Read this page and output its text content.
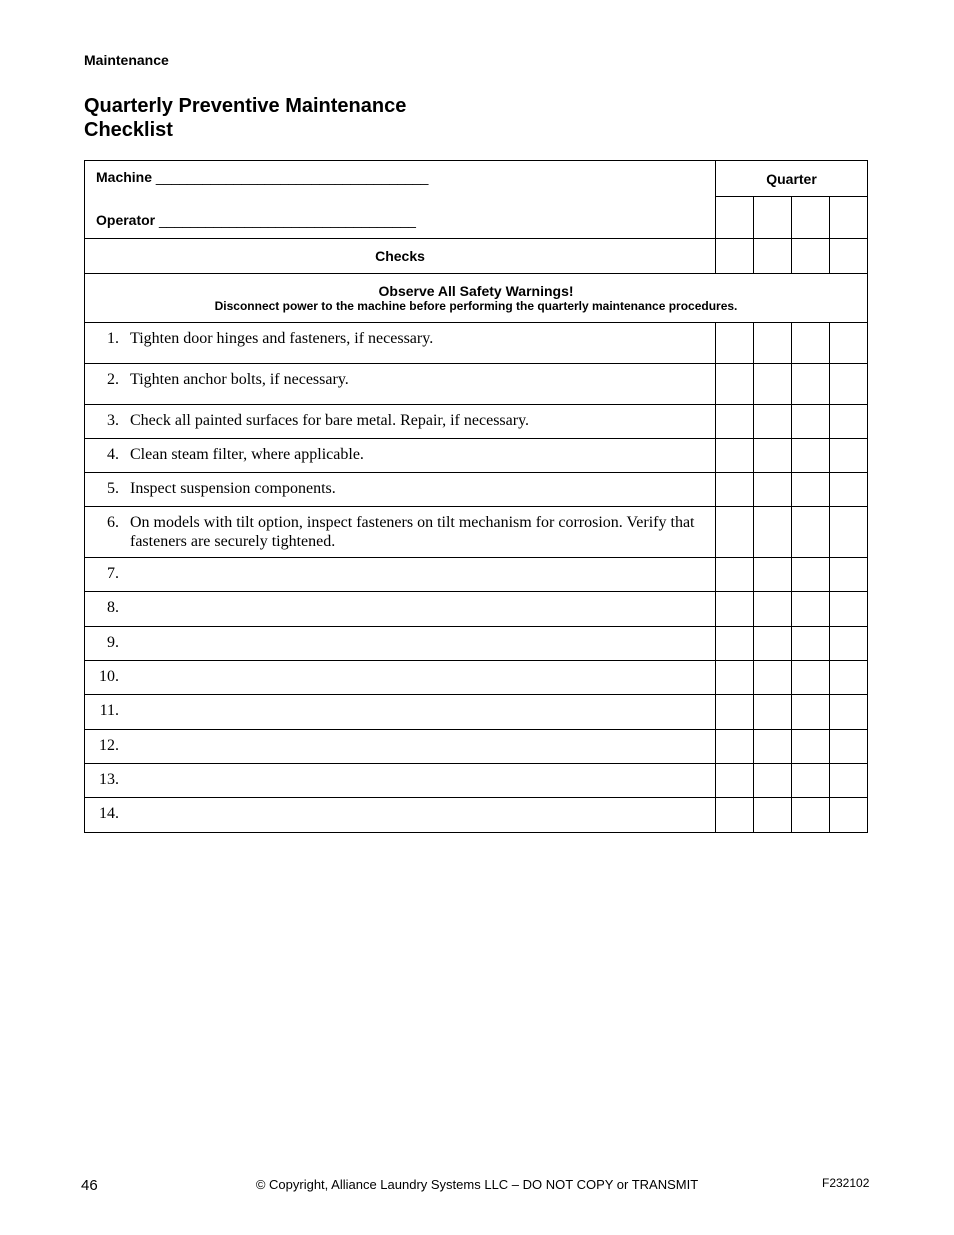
Maintenance
Quarterly Preventive Maintenance
Checklist
Machine ___________________________________
Operator _________________________________	Quarter			

Checks				

Observe All Safety Warnings!
Disconnect power to the machine before performing the quarterly maintenance procedures.				

1. Tighten door hinges and fasteners, if necessary.				

2. Tighten anchor bolts, if necessary.				

3. Check all painted surfaces for bare metal. Repair, if necessary.				

4. Clean steam filter, where applicable.				

5. Inspect suspension components.				

6. On models with tilt option, inspect fasteners on tilt mechanism for corrosion. Verify that fasteners are securely tightened.				

7.				

8.				

9.				

10.				

11.				

12.				

13.				

14.				

46	© Copyright, Alliance Laundry Systems LLC – DO NOT COPY or TRANSMIT	F232102
